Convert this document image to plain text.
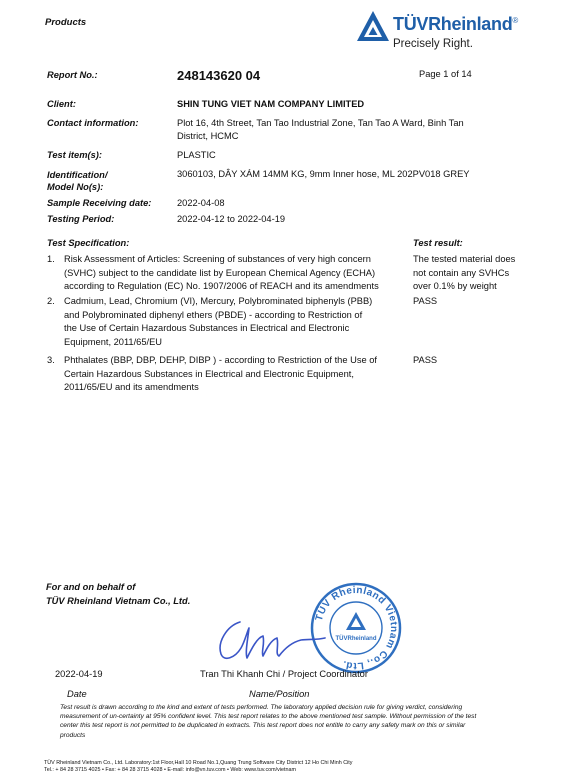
Products	TÜVRheinland®
Precisely Right.
Report No.:	248143620 04	Page 1 of 14
Client:	SHIN TUNG VIET NAM COMPANY LIMITED
Contact information:	Plot 16, 4th Street, Tan Tao Industrial Zone, Tan Tao A Ward, Binh Tan
District, HCMC
Test item(s):	PLASTIC
Identification/
Model No(s):
3060103, DÂY XÁM 14MM KG, 9mm Inner hose, ML 202PV018 GREY
Sample Receiving date:	2022-04-08
Testing Period:	2022-04-12 to 2022-04-19
Test Specification:	Test result:
1. Risk Assessment of Articles: Screening of substances of very high concern
(SVHC) subject to the candidate list by European Chemical Agency (ECHA)
according to Regulation (EC) No. 1907/2006 of REACH and its amendments
The tested material does
not contain any SVHCs
over 0.1% by weight
2. Cadmium, Lead, Chromium (VI), Mercury, Polybrominated biphenyls (PBB)
and Polybrominated diphenyl ethers (PBDE) - according to Restriction of
the Use of Certain Hazardous Substances in Electrical and Electronic
Equipment, 2011/65/EU
PASS
3. Phthalates (BBP, DBP, DEHP, DIBP ) - according to Restriction of the Use of
Certain Hazardous Substances in Electrical and Electronic Equipment,
2011/65/EU and its amendments
PASS
For and on behalf of
TÜV Rheinland Vietnam Co., Ltd.
TÜV Rheinland Vietnam Co., Ltd.
TÜVRheinland
2022-04-19	Tran Thi Khanh Chi / Project Coordinator
Date	Name/Position
Test result is drawn according to the kind and extent of tests performed. The laboratory applied decision rule for giving verdict, considering
measurement of un-certainty at 95% confident level. This test report relates to the above mentioned test sample. Without permission of the test
center this test report is not permitted to be duplicated in extracts. This test report does not entitle to carry any safety mark on this or similar
products
TÜV Rheinland Vietnam Co., Ltd. Laboratory:1st Floor,Hall 10 Road No.1,Quang Trung Software City District 12 Ho Chi Minh City
Tel.: + 84 28 3715 4025 • Fax: + 84 28 3715 4028 • E-mail: info@vn.tuv.com • Web: www.tuv.com/vietnam
